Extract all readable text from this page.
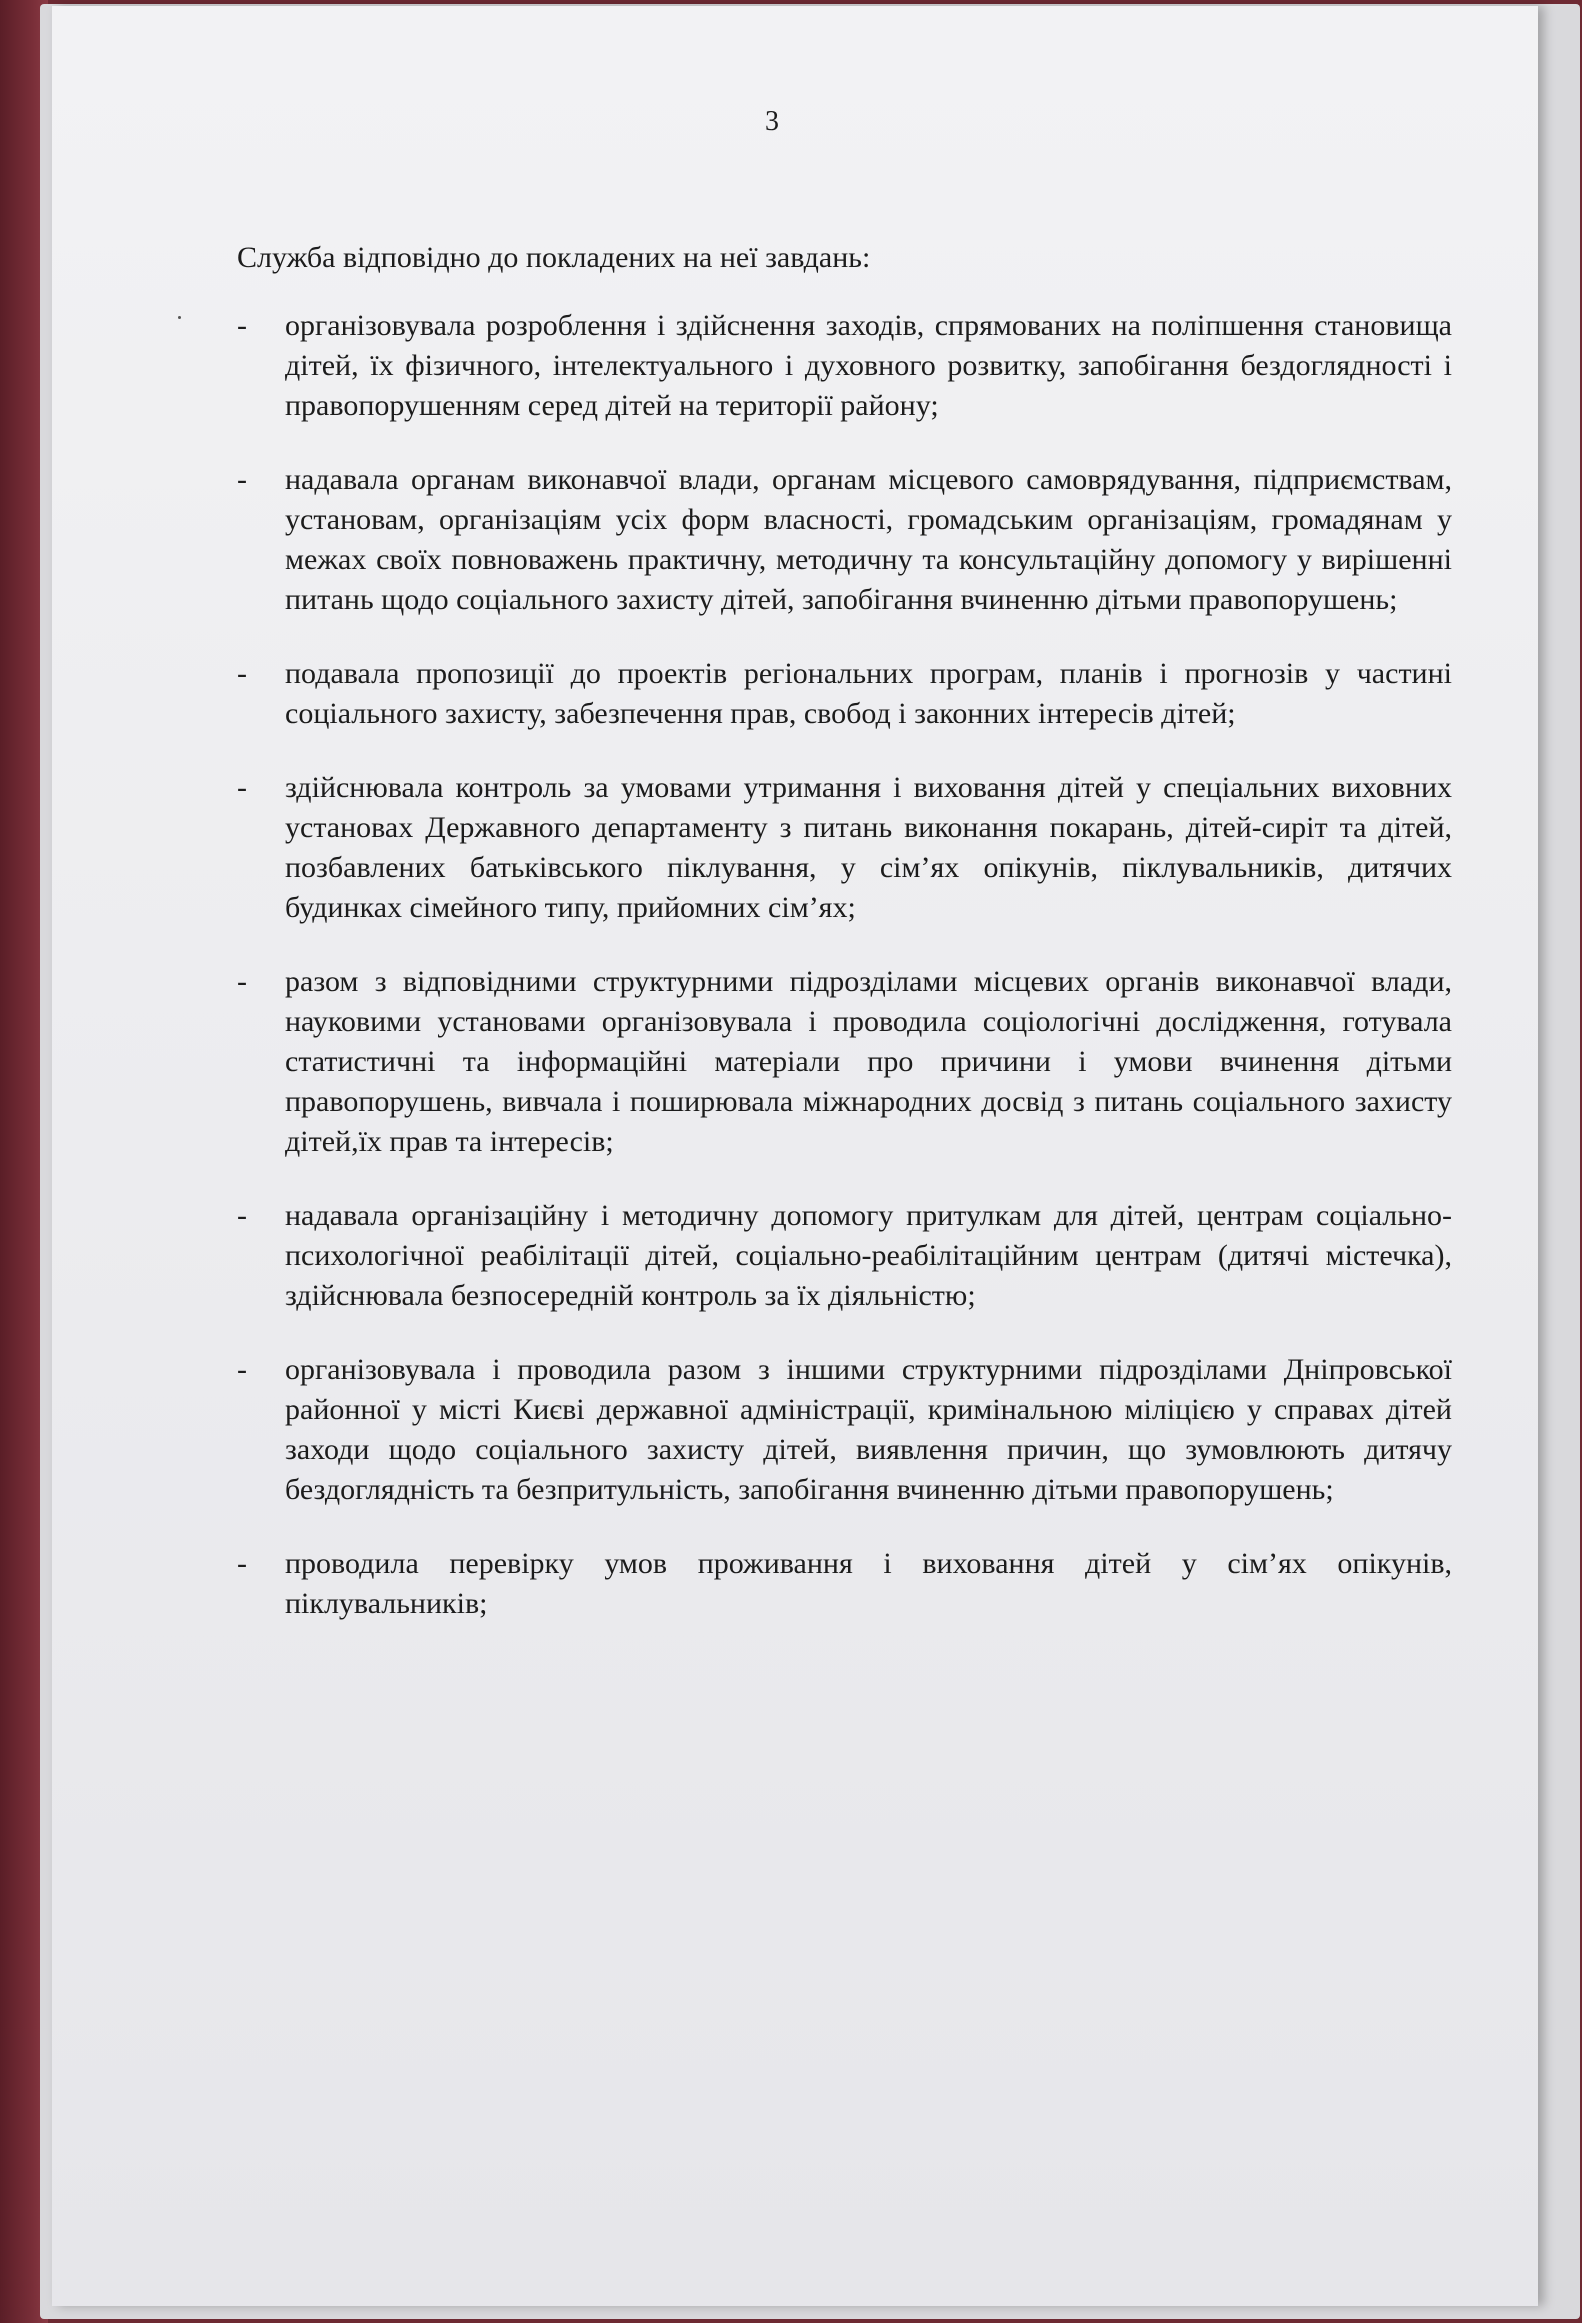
3
Служба відповідно до покладених на неї завдань:
- організовувала розроблення і здійснення заходів, спрямованих на поліпшення становища дітей, їх фізичного, інтелектуального і духовного розвитку, запобігання бездоглядності і правопорушенням серед дітей на території району;
- надавала органам виконавчої влади, органам місцевого самоврядування, підприємствам, установам, організаціям усіх форм власності, громадським організаціям, громадянам у межах своїх повноважень практичну, методичну та консультаційну допомогу у вирішенні питань щодо соціального захисту дітей, запобігання вчиненню дітьми правопорушень;
- подавала пропозиції до проектів регіональних програм, планів і прогнозів у частині соціального захисту, забезпечення прав, свобод і законних інтересів дітей;
- здійснювала контроль за умовами утримання і виховання дітей у спеціальних виховних установах Державного департаменту з питань виконання покарань, дітей-сиріт та дітей, позбавлених батьківського піклування, у сім’ях опікунів, піклувальників, дитячих будинках сімейного типу, прийомних сім’ях;
- разом з відповідними структурними підрозділами місцевих органів виконавчої влади, науковими установами організовувала і проводила соціологічні дослідження, готувала статистичні та інформаційні матеріали про причини і умови вчинення дітьми правопорушень, вивчала і поширювала міжнародних досвід з питань соціального захисту дітей,їх прав та інтересів;
- надавала організаційну і методичну допомогу притулкам для дітей, центрам соціально-психологічної реабілітації дітей, соціально-реабілітаційним центрам (дитячі містечка), здійснювала безпосередній контроль за їх діяльністю;
- організовувала і проводила разом з іншими структурними підрозділами Дніпровської районної у місті Києві державної адміністрації, кримінальною міліцією у справах дітей заходи щодо соціального захисту дітей, виявлення причин, що зумовлюють дитячу бездоглядність та безпритульність, запобігання вчиненню дітьми правопорушень;
- проводила перевірку умов проживання і виховання дітей у сім’ях опікунів, піклувальників;
